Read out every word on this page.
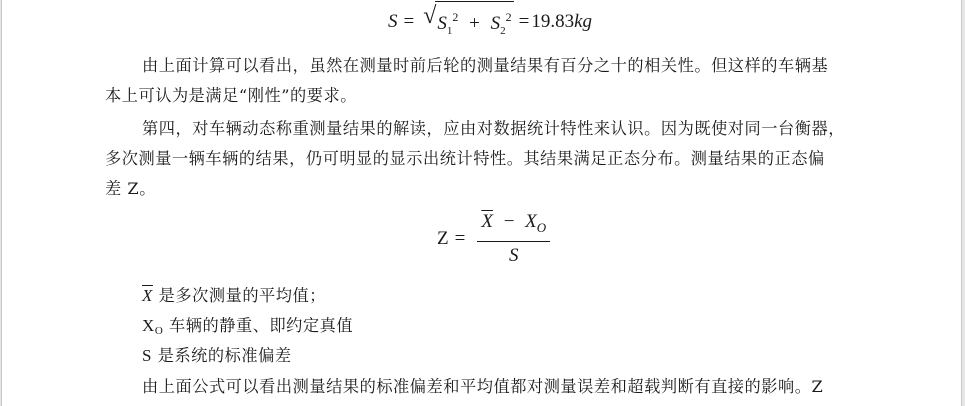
S = √ $S_1^2 + S_2^2 = 19.83$ kg
由上面计算可以看出，虽然在测量时前后轮的测量结果有百分之十的相关性。但这样的车辆基
本上可认为是满足“刚性”的要求。
第四，对车辆动态称重测量结果的解读，应由对数据统计特性来认识。因为既使对同一台衡器，
多次测量一辆车辆的结果，仍可明显的显示出统计特性。其结果满足正态分布。测量结果的正态偏
差 Z。
$Z = \frac{\overline{X} - X_O}{S}$
$\overline{X}$ 是多次测量的平均值；
XO 车辆的静重、即约定真值
S 是系统的标准偏差
由上面公式可以看出测量结果的标准偏差和平均值都对测量误差和超载判断有直接的影响。Z
